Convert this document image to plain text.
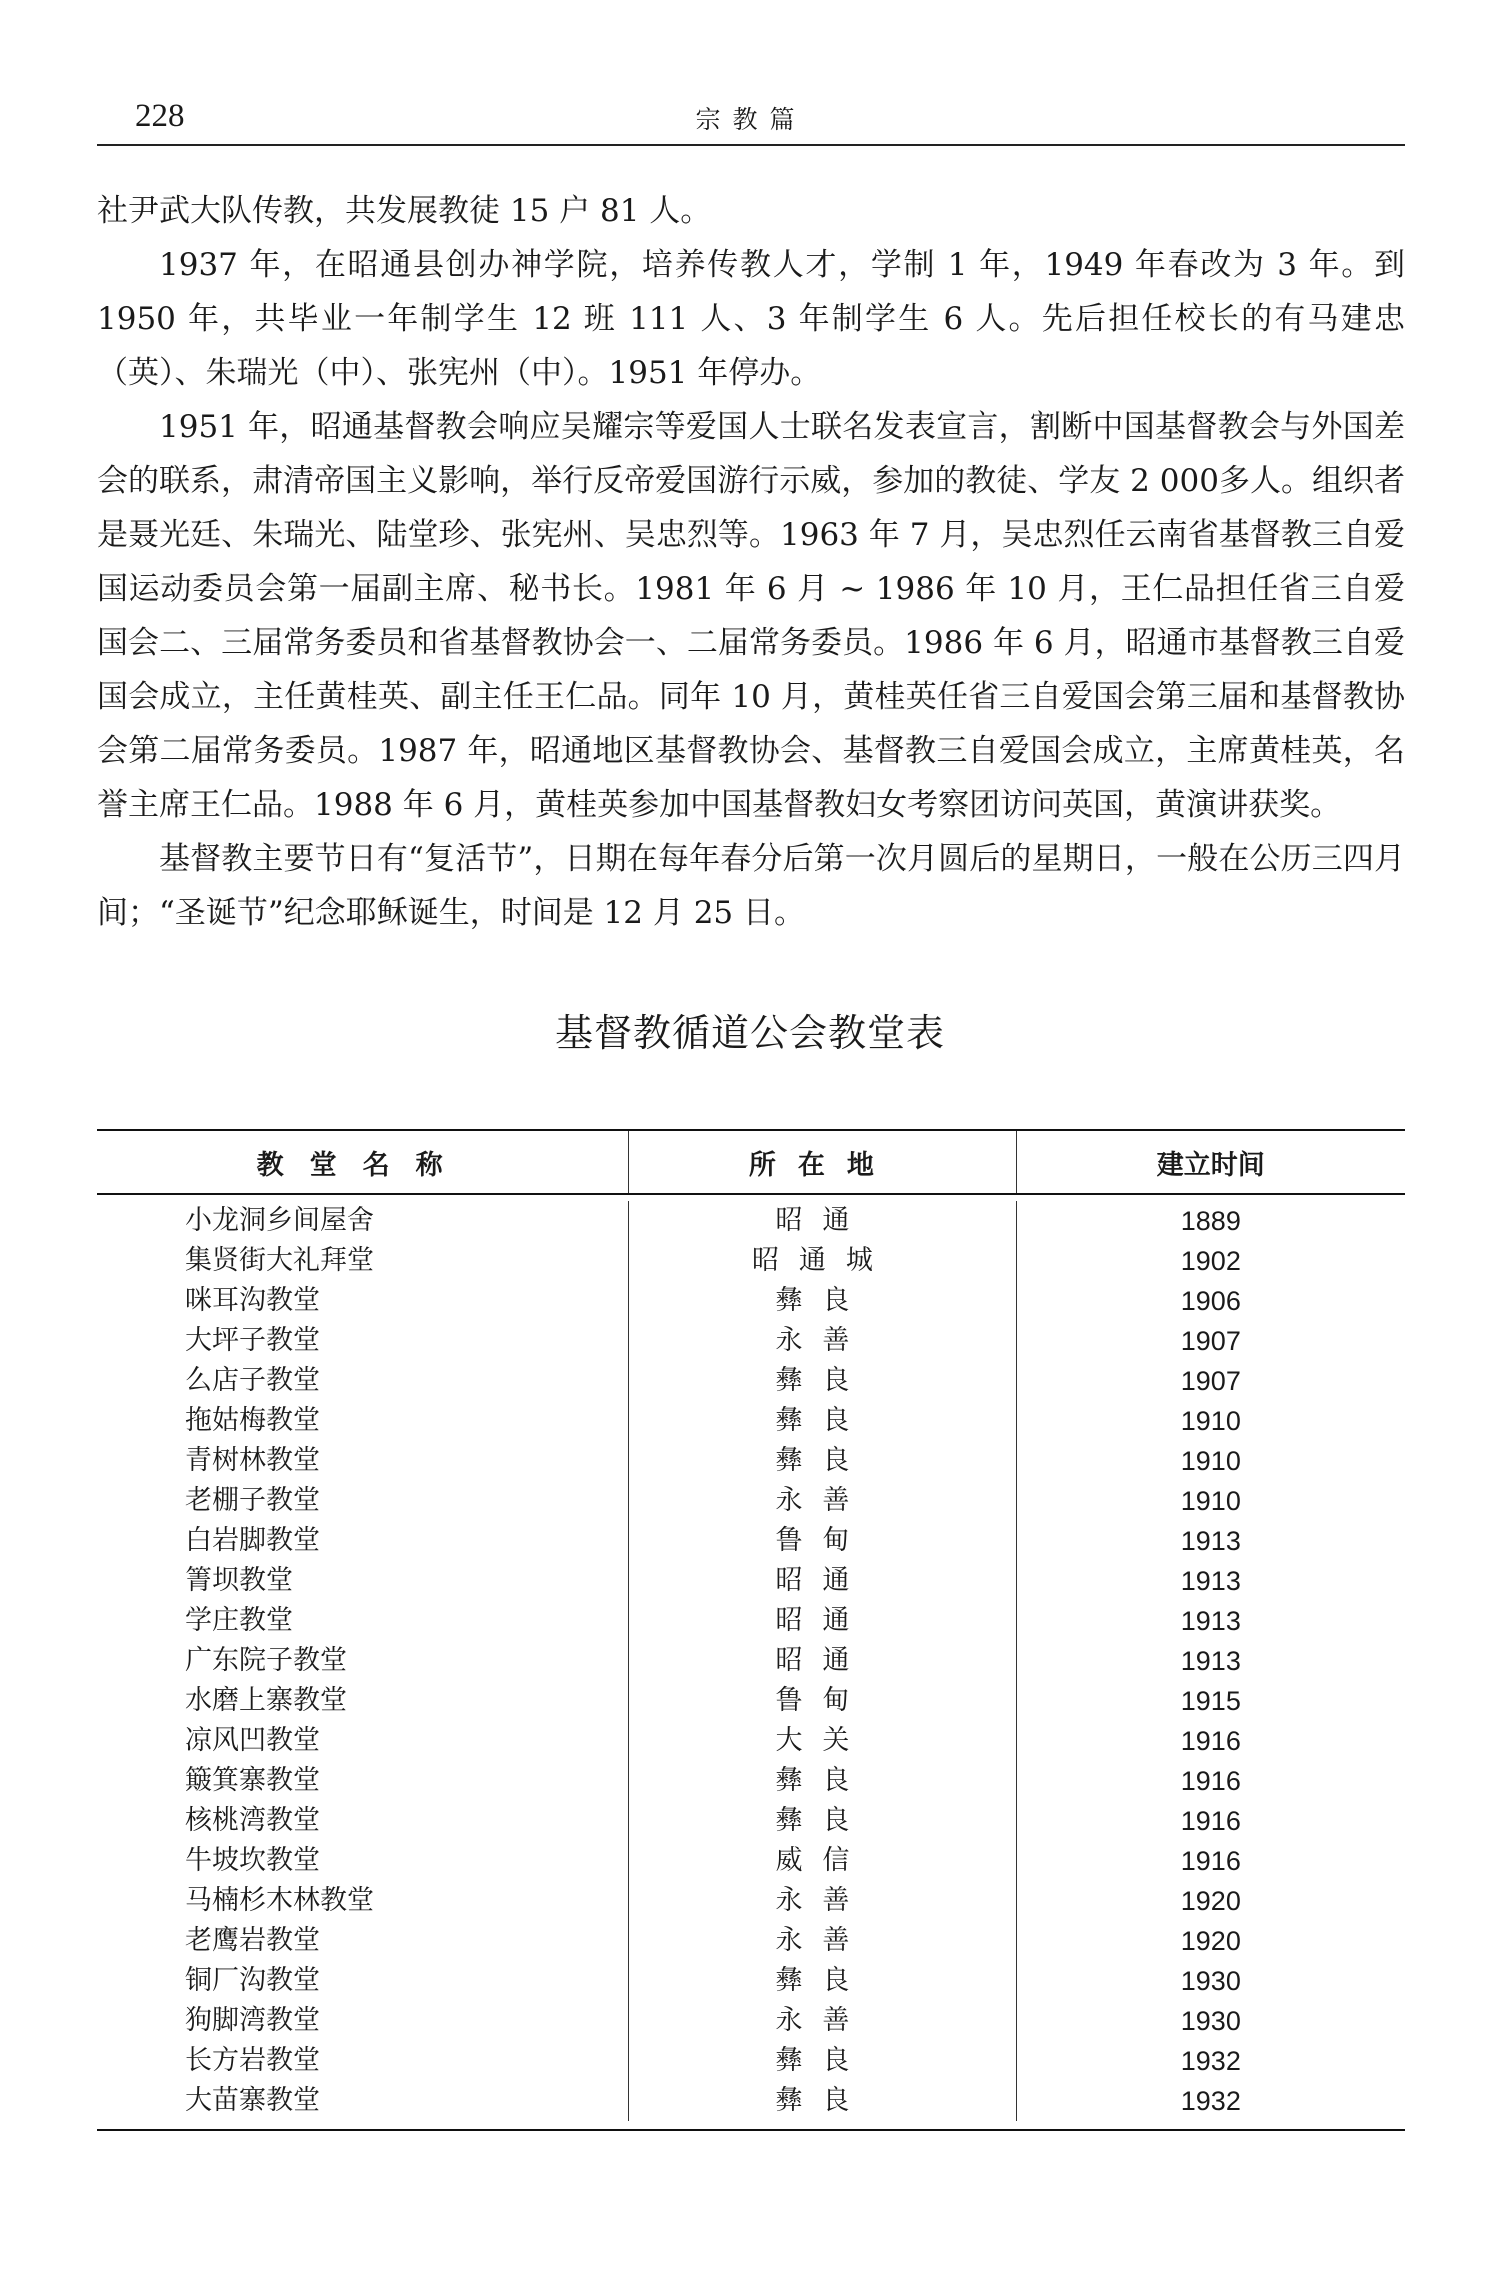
228	宗教篇

社尹武大队传教，共发展教徒 15 户 81 人。

1937 年，在昭通县创办神学院，培养传教人才，学制 1 年，1949 年春改为 3 年。到 1950 年，共毕业一年制学生 12 班 111 人、3 年制学生 6 人。先后担任校长的有马建忠（英）、朱瑞光（中）、张宪州（中）。1951 年停办。

1951 年，昭通基督教会响应吴耀宗等爱国人士联名发表宣言，割断中国基督教会与外国差会的联系，肃清帝国主义影响，举行反帝爱国游行示威，参加的教徒、学友 2 000多人。组织者是聂光廷、朱瑞光、陆堂珍、张宪州、吴忠烈等。1963 年 7 月，吴忠烈任云南省基督教三自爱国运动委员会第一届副主席、秘书长。1981 年 6 月 ~ 1986 年 10 月，王仁品担任省三自爱国会二、三届常务委员和省基督教协会一、二届常务委员。1986 年 6 月，昭通市基督教三自爱国会成立，主任黄桂英、副主任王仁品。同年 10 月，黄桂英任省三自爱国会第三届和基督教协会第二届常务委员。1987 年，昭通地区基督教协会、基督教三自爱国会成立，主席黄桂英，名誉主席王仁品。1988 年 6 月，黄桂英参加中国基督教妇女考察团访问英国，黄演讲获奖。

基督教主要节日有“复活节”，日期在每年春分后第一次月圆后的星期日，一般在公历三四月间；“圣诞节”纪念耶稣诞生，时间是 12 月 25 日。

基督教循道公会教堂表
教堂名称	所在地	建立时间
小龙洞乡间屋舍	昭通	1889
集贤街大礼拜堂	昭通城	1902
咪耳沟教堂	彝良	1906
大坪子教堂	永善	1907
么店子教堂	彝良	1907
拖姑梅教堂	彝良	1910
青树林教堂	彝良	1910
老棚子教堂	永善	1910
白岩脚教堂	鲁甸	1913
箐坝教堂	昭通	1913
学庄教堂	昭通	1913
广东院子教堂	昭通	1913
水磨上寨教堂	鲁甸	1915
凉风凹教堂	大关	1916
簸箕寨教堂	彝良	1916
核桃湾教堂	彝良	1916
牛坡坎教堂	威信	1916
马楠杉木林教堂	永善	1920
老鹰岩教堂	永善	1920
铜厂沟教堂	彝良	1930
狗脚湾教堂	永善	1930
长方岩教堂	彝良	1932
大苗寨教堂	彝良	1932
